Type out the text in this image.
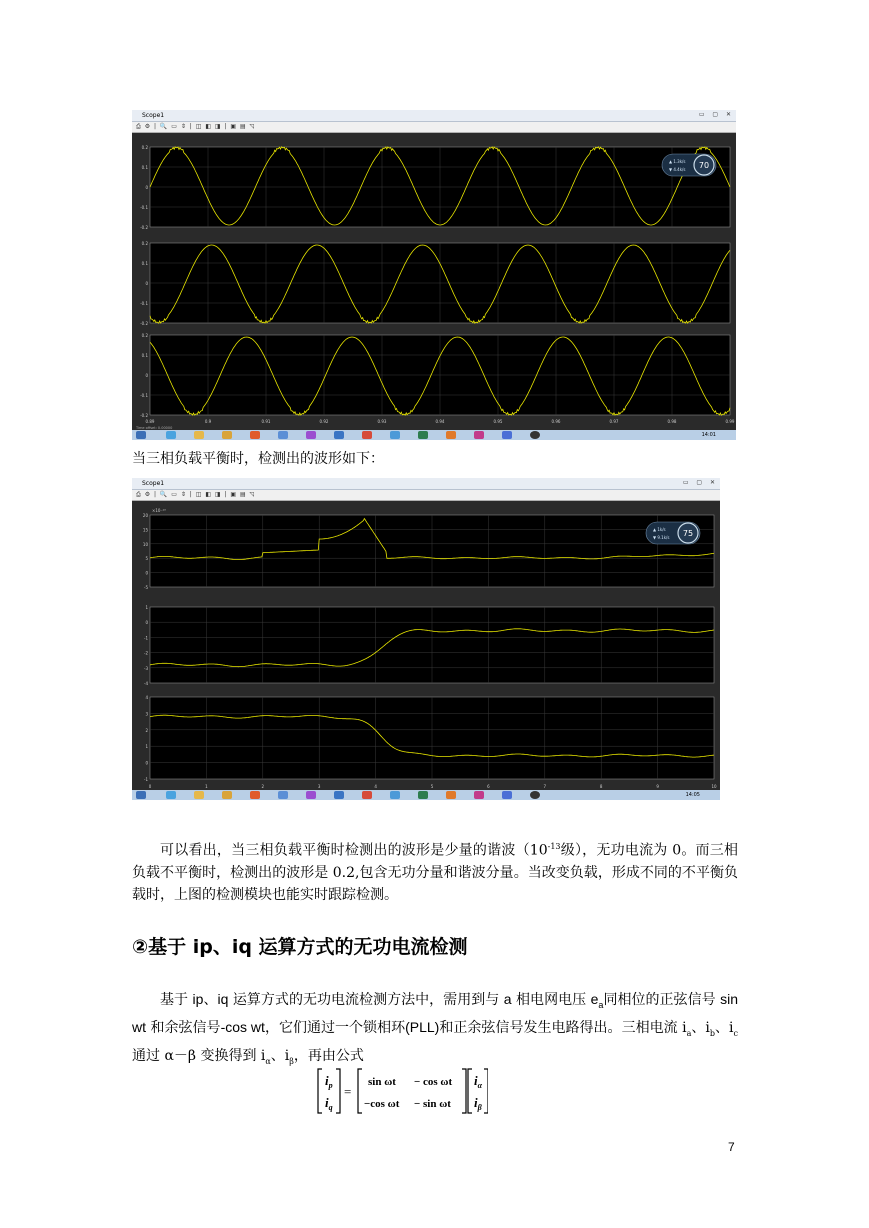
Scope1	▭ ▢ ✕
⎙ ⚙ | 🔍 ▭ ⇕ | ◫ ◧ ◨ | ▣ ▤ ◹
0.2
0.1
0
-0.1
-0.2
0.2
0.1
0
-0.1
-0.2
0.2
0.1
0
-0.1
-0.2
0.89	0.9	0.91	0.92	0.93	0.94	0.95	0.96	0.97	0.98	0.99
Time offset: 0.00000
70
▲ 1.3k/s
▼ 4.4k/s
14:01
当三相负载平衡时，检测出的波形如下：
Scope1	▭ ▢ ✕
⎙ ⚙ | 🔍 ▭ ⇕ | ◫ ◧ ◨ | ▣ ▤ ◹
20
15
10
5
0
-5
×10⁻¹³
1
0
-1
-2
-3
-4
4
3
2
1
0
-1
0	1	2	3	4	5	6	7	8	9	10
75
▲ 1k/s
▼ 9.1k/s
14:05
可以看出，当三相负载平衡时检测出的波形是少量的谐波（$10^{-13}$级），无功电流为 0。而三相负载不平衡时，检测出的波形是 0.2,包含无功分量和谐波分量。当改变负载，形成不同的不平衡负载时，上图的检测模块也能实时跟踪检测。
②基于 ip、iq 运算方式的无功电流检测
基于 ip、iq 运算方式的无功电流检测方法中，需用到与 a 相电网电压 $e_a$同相位的正弦信号 sin wt 和余弦信号-cos wt，它们通过一个锁相环(PLL)和正余弦信号发生电路得出。三相电流 $i_a$、$i_b$、$i_c$通过 α－β 变换得到 $i_\alpha$、$i_\beta$，再由公式
$i_p$
$i_q$
=
sin ωt − cos ωt
−cos ωt − sin ωt
$i_\alpha$
$i_\beta$
7
